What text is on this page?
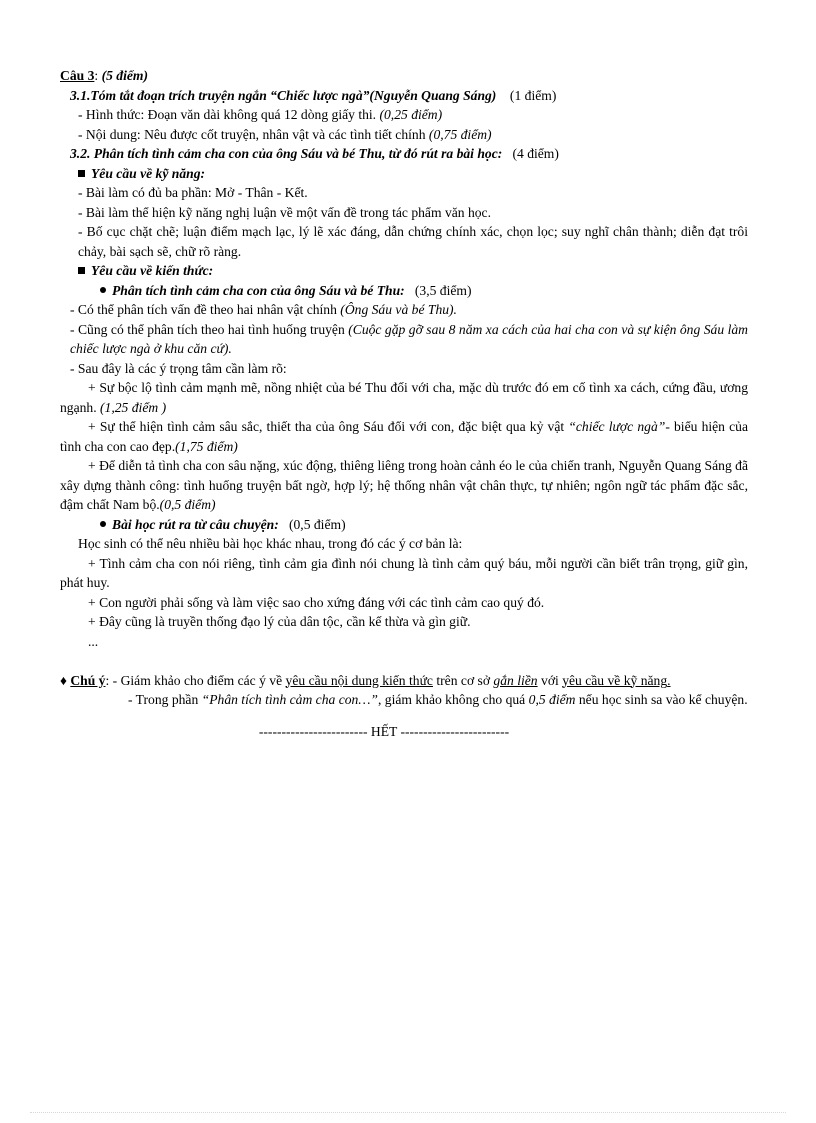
Câu 3: (5 điểm)
3.1.Tóm tắt đoạn trích truyện ngắn “Chiếc lược ngà”(Nguyễn Quang Sáng) (1 điểm)
- Hình thức: Đoạn văn dài không quá 12 dòng giấy thi. (0,25 điểm)
- Nội dung: Nêu được cốt truyện, nhân vật và các tình tiết chính (0,75 điểm)
3.2. Phân tích tình cảm cha con của ông Sáu và bé Thu, từ đó rút ra bài học: (4 điểm)
Yêu cầu về kỹ năng:
- Bài làm có đủ ba phần: Mở - Thân - Kết.
- Bài làm thể hiện kỹ năng nghị luận về một vấn đề trong tác phẩm văn học.
- Bố cục chặt chẽ; luận điểm mạch lạc, lý lẽ xác đáng, dẫn chứng chính xác, chọn lọc; suy nghĩ chân thành; diễn đạt trôi chảy, bài sạch sẽ, chữ rõ ràng.
Yêu cầu về kiến thức:
Phân tích tình cảm cha con của ông Sáu và bé Thu: (3,5 điểm)
- Có thể phân tích vấn đề theo hai nhân vật chính (Ông Sáu và bé Thu).
- Cũng có thể phân tích theo hai tình huống truyện (Cuộc gặp gỡ sau 8 năm xa cách của hai cha con và sự kiện ông Sáu làm chiếc lược ngà ở khu căn cứ).
- Sau đây là các ý trọng tâm cần làm rõ:
+ Sự bộc lộ tình cảm mạnh mẽ, nồng nhiệt của bé Thu đối với cha, mặc dù trước đó em cố tình xa cách, cứng đầu, ương ngạnh. (1,25 điểm )
+ Sự thể hiện tình cảm sâu sắc, thiết tha của ông Sáu đối với con, đặc biệt qua kỷ vật “chiếc lược ngà”- biểu hiện của tình cha con cao đẹp.(1,75 điểm)
+ Để diễn tả tình cha con sâu nặng, xúc động, thiêng liêng trong hoàn cảnh éo le của chiến tranh, Nguyễn Quang Sáng đã xây dựng thành công: tình huống truyện bất ngờ, hợp lý; hệ thống nhân vật chân thực, tự nhiên; ngôn ngữ tác phẩm đặc sắc, đậm chất Nam bộ.(0,5 điểm)
Bài học rút ra từ câu chuyện: (0,5 điểm)
Học sinh có thể nêu nhiều bài học khác nhau, trong đó các ý cơ bản là:
+ Tình cảm cha con nói riêng, tình cảm gia đình nói chung là tình cảm quý báu, mỗi người cần biết trân trọng, giữ gìn, phát huy.
+ Con người phải sống và làm việc sao cho xứng đáng với các tình cảm cao quý đó.
+ Đây cũng là truyền thống đạo lý của dân tộc, cần kế thừa và gìn giữ.
...
♦ Chú ý: - Giám khảo cho điểm các ý về yêu cầu nội dung kiến thức trên cơ sở gắn liền với yêu cầu về kỹ năng.
- Trong phần “Phân tích tình cảm cha con…”, giám khảo không cho quá 0,5 điểm nếu học sinh sa vào kể chuyện.
------------------------ HẾT ------------------------
